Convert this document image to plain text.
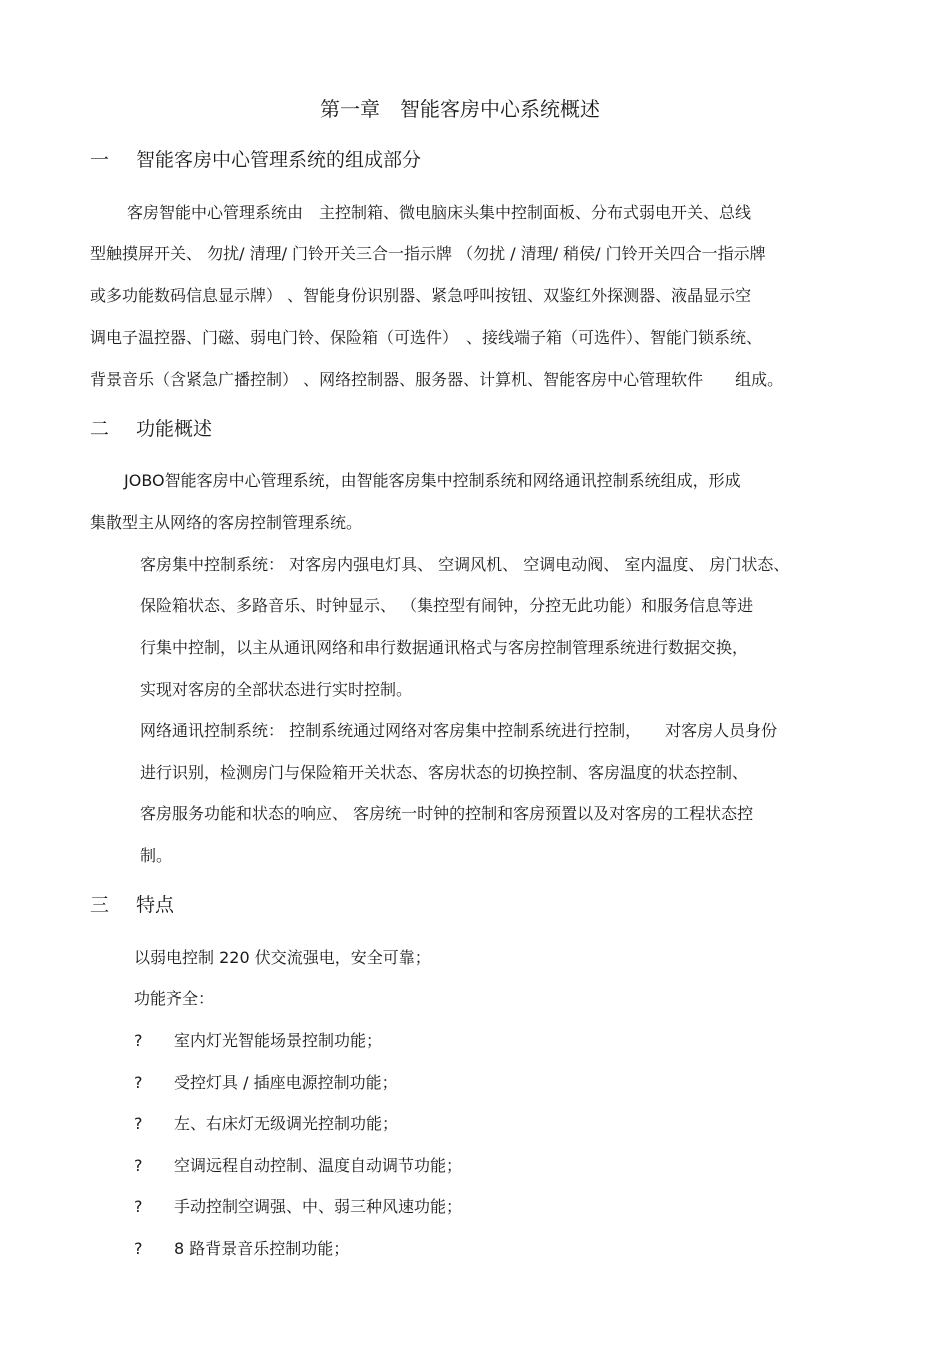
第一章　智能客房中心系统概述
一 智能客房中心管理系统的组成部分
客房智能中心管理系统由　主控制箱、微电脑床头集中控制面板、分布式弱电开关、总线
型触摸屏开关、 勿扰/ 清理/ 门铃开关三合一指示牌 （勿扰 / 清理/ 稍侯/ 门铃开关四合一指示牌
或多功能数码信息显示牌） 、智能身份识别器、紧急呼叫按钮、双鉴红外探测器、液晶显示空
调电子温控器、门磁、弱电门铃、保险箱（可选件）　、接线端子箱（可选件）、智能门锁系统、
背景音乐（含紧急广播控制） 、网络控制器、服务器、计算机、智能客房中心管理软件　　组成。
二 功能概述
JOBO智能客房中心管理系统，由智能客房集中控制系统和网络通讯控制系统组成，形成
集散型主从网络的客房控制管理系统。
客房集中控制系统： 对客房内强电灯具、 空调风机、 空调电动阀、 室内温度、 房门状态、
保险箱状态、多路音乐、时钟显示、 （集控型有闹钟，分控无此功能）和服务信息等进
行集中控制，以主从通讯网络和串行数据通讯格式与客房控制管理系统进行数据交换，
实现对客房的全部状态进行实时控制。
网络通讯控制系统： 控制系统通过网络对客房集中控制系统进行控制，　　对客房人员身份
进行识别，检测房门与保险箱开关状态、客房状态的切换控制、客房温度的状态控制、
客房服务功能和状态的响应、 客房统一时钟的控制和客房预置以及对客房的工程状态控
制。
三 特点
以弱电控制 220 伏交流强电，安全可靠；
功能齐全：
? 室内灯光智能场景控制功能；
? 受控灯具 / 插座电源控制功能；
? 左、右床灯无级调光控制功能；
? 空调远程自动控制、温度自动调节功能；
? 手动控制空调强、中、弱三种风速功能；
? 8 路背景音乐控制功能；
